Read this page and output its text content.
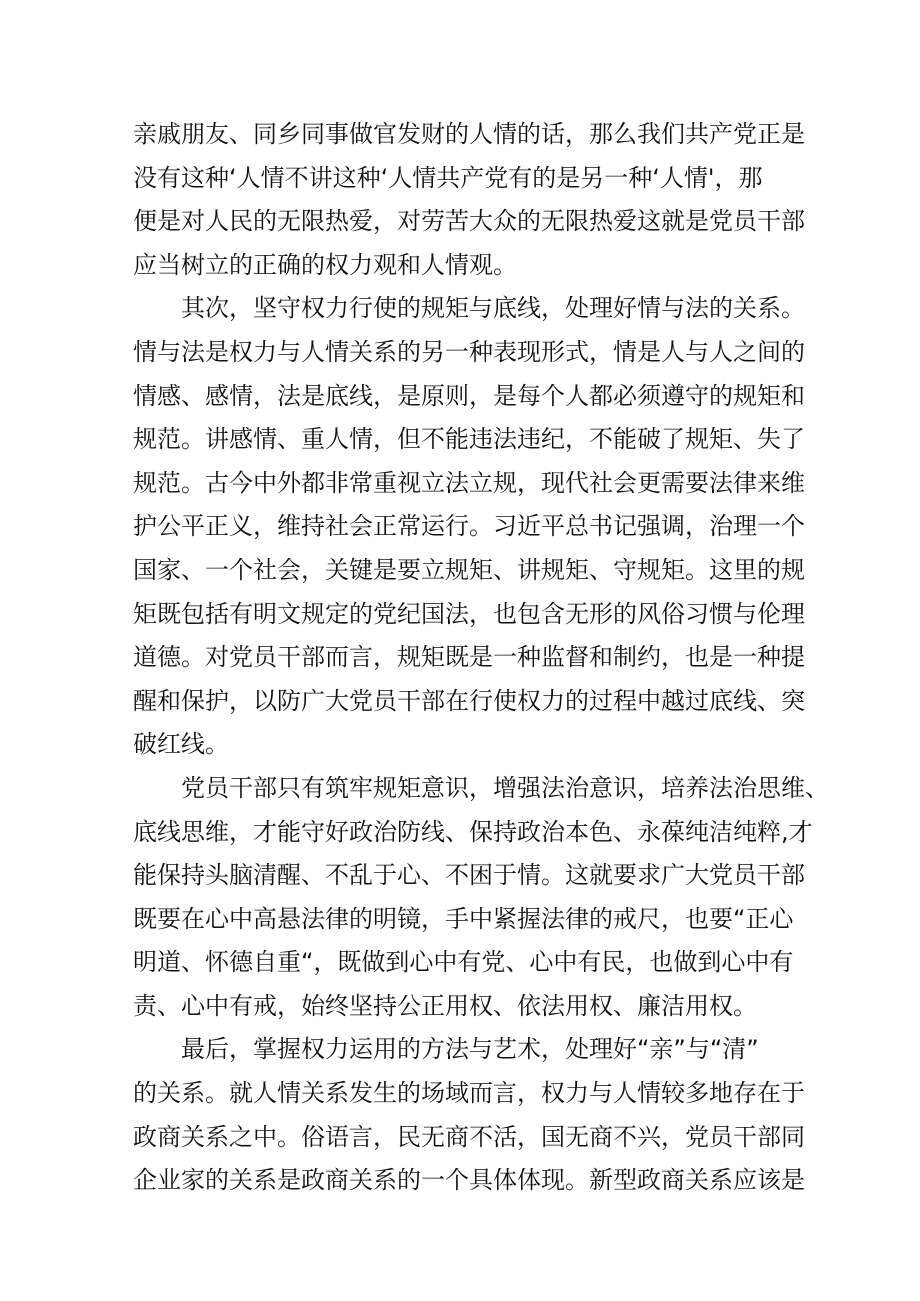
亲戚朋友、同乡同事做官发财的人情的话，那么我们共产党正是
没有这种‘人情不讲这种‘人情共产党有的是另一种‘人情'，那
便是对人民的无限热爱，对劳苦大众的无限热爱这就是党员干部
应当树立的正确的权力观和人情观。
其次，坚守权力行使的规矩与底线，处理好情与法的关系。
情与法是权力与人情关系的另一种表现形式，情是人与人之间的
情感、感情，法是底线，是原则，是每个人都必须遵守的规矩和
规范。讲感情、重人情，但不能违法违纪，不能破了规矩、失了
规范。古今中外都非常重视立法立规，现代社会更需要法律来维
护公平正义，维持社会正常运行。习近平总书记强调，治理一个
国家、一个社会，关键是要立规矩、讲规矩、守规矩。这里的规
矩既包括有明文规定的党纪国法，也包含无形的风俗习惯与伦理
道德。对党员干部而言，规矩既是一种监督和制约，也是一种提
醒和保护，以防广大党员干部在行使权力的过程中越过底线、突
破红线。
党员干部只有筑牢规矩意识，增强法治意识，培养法治思维、
底线思维，才能守好政治防线、保持政治本色、永葆纯洁纯粹,才
能保持头脑清醒、不乱于心、不困于情。这就要求广大党员干部
既要在心中高悬法律的明镜，手中紧握法律的戒尺，也要“正心
明道、怀德自重“，既做到心中有党、心中有民，也做到心中有
责、心中有戒，始终坚持公正用权、依法用权、廉洁用权。
最后，掌握权力运用的方法与艺术，处理好“亲”与“清”
的关系。就人情关系发生的场域而言，权力与人情较多地存在于
政商关系之中。俗语言，民无商不活，国无商不兴，党员干部同
企业家的关系是政商关系的一个具体体现。新型政商关系应该是
